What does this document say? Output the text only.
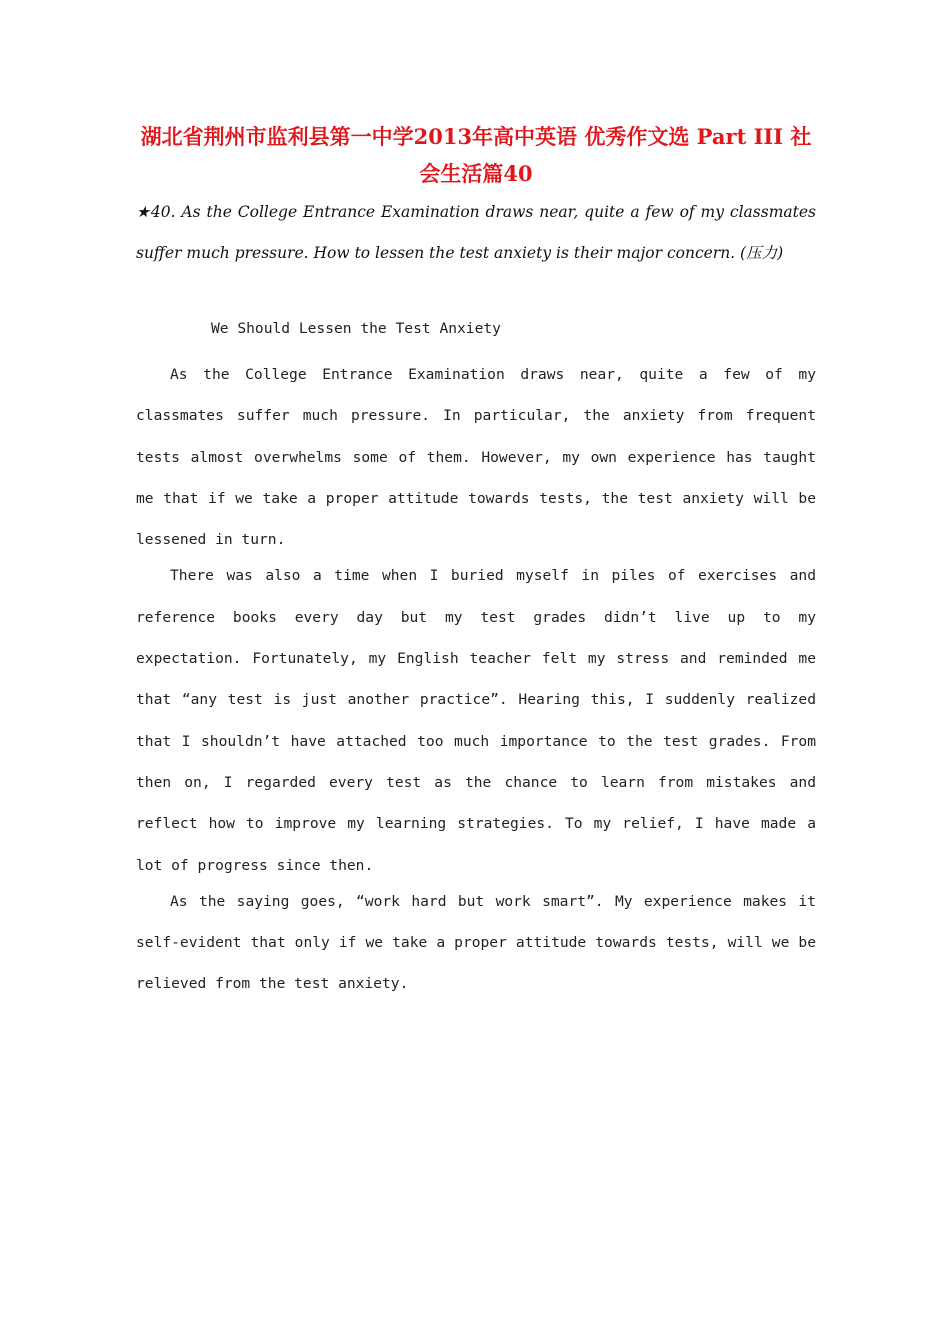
湖北省荆州市监利县第一中学2013年高中英语 优秀作文选 Part III 社会生活篇40

★40. As the College Entrance Examination draws near, quite a few of my classmates suffer much pressure. How to lessen the test anxiety is their major concern. (压力)

We Should Lessen the Test Anxiety

As the College Entrance Examination draws near, quite a few of my classmates suffer much pressure. In particular, the anxiety from frequent tests almost overwhelms some of them. However, my own experience has taught me that if we take a proper attitude towards tests, the test anxiety will be lessened in turn.

There was also a time when I buried myself in piles of exercises and reference books every day but my test grades didn’t live up to my expectation. Fortunately, my English teacher felt my stress and reminded me that “any test is just another practice”. Hearing this, I suddenly realized that I shouldn’t have attached too much importance to the test grades. From then on, I regarded every test as the chance to learn from mistakes and reflect how to improve my learning strategies. To my relief, I have made a lot of progress since then.

As the saying goes, “work hard but work smart”. My experience makes it self-evident that only if we take a proper attitude towards tests, will we be relieved from the test anxiety.
